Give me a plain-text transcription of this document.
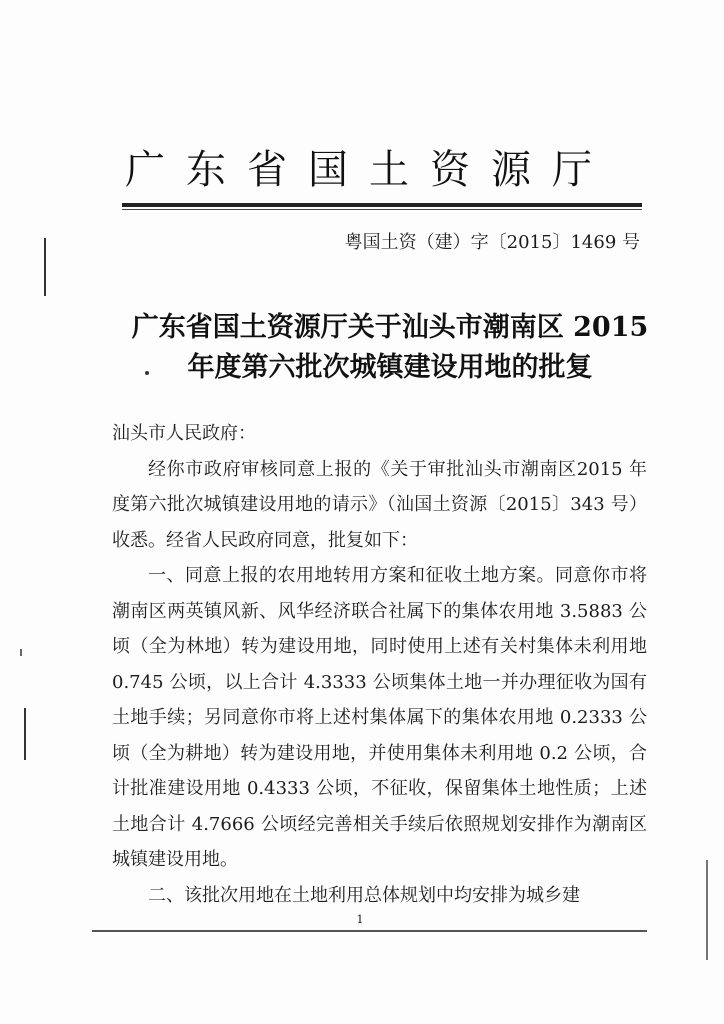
广东省国土资源厅
粤国土资（建）字〔2015〕1469 号
广东省国土资源厅关于汕头市潮南区 2015
年度第六批次城镇建设用地的批复

汕头市人民政府：

经你市政府审核同意上报的《关于审批汕头市潮南区2015 年度第六批次城镇建设用地的请示》（汕国土资源〔2015〕343 号）收悉。经省人民政府同意，批复如下：

一、同意上报的农用地转用方案和征收土地方案。同意你市将潮南区两英镇风新、风华经济联合社属下的集体农用地 3.5883 公顷（全为林地）转为建设用地，同时使用上述有关村集体未利用地 0.745 公顷，以上合计 4.3333 公顷集体土地一并办理征收为国有土地手续；另同意你市将上述村集体属下的集体农用地 0.2333 公顷（全为耕地）转为建设用地，并使用集体未利用地 0.2 公顷，合计批准建设用地 0.4333 公顷，不征收，保留集体土地性质；上述土地合计 4.7666 公顷经完善相关手续后依照规划安排作为潮南区城镇建设用地。

二、该批次用地在土地利用总体规划中均安排为城乡建

1
